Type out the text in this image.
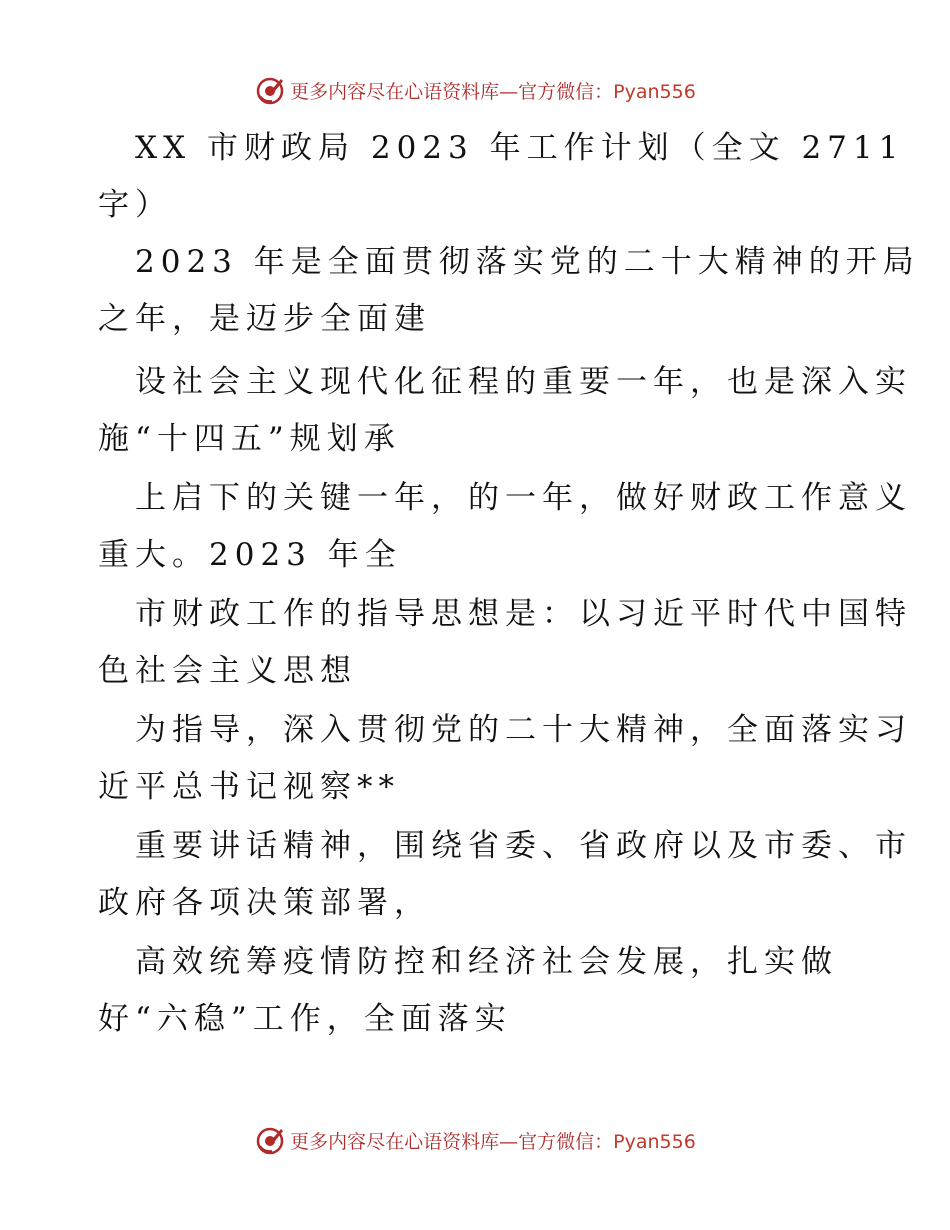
更多内容尽在心语资料库—官方微信：Pyan556
XX 市财政局 2023 年工作计划（全文 2711
字）
2023 年是全面贯彻落实党的二十大精神的开局
之年，是迈步全面建
设社会主义现代化征程的重要一年，也是深入实
施“十四五”规划承
上启下的关键一年，的一年，做好财政工作意义
重大。2023 年全
市财政工作的指导思想是：以习近平时代中国特
色社会主义思想
为指导，深入贯彻党的二十大精神，全面落实习
近平总书记视察**
重要讲话精神，围绕省委、省政府以及市委、市
政府各项决策部署，
高效统筹疫情防控和经济社会发展，扎实做
好“六稳”工作，全面落实
更多内容尽在心语资料库—官方微信：Pyan556
